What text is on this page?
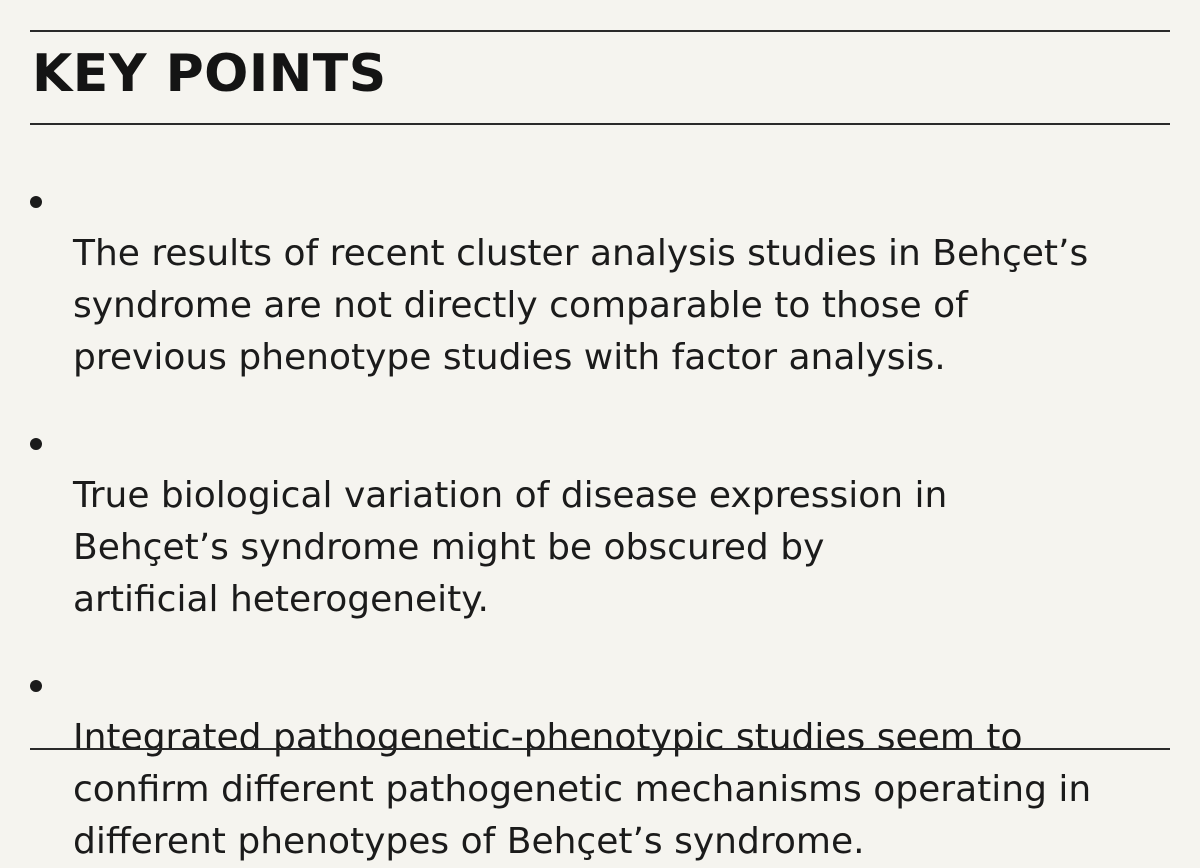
KEY POINTS

The results of recent cluster analysis studies in Behçet’s
syndrome are not directly comparable to those of
previous phenotype studies with factor analysis.

True biological variation of disease expression in
Behçet’s syndrome might be obscured by
artificial heterogeneity.

Integrated pathogenetic-phenotypic studies seem to
confirm different pathogenetic mechanisms operating in
different phenotypes of Behçet’s syndrome.
